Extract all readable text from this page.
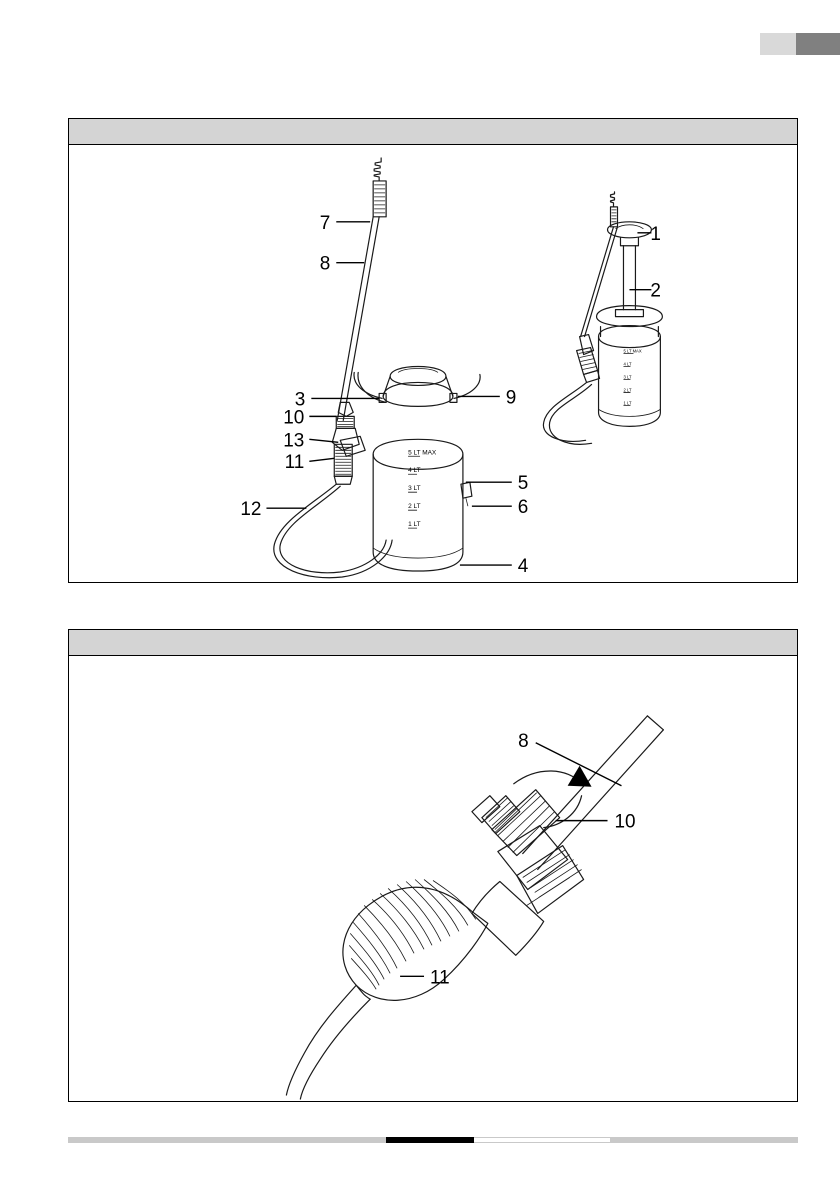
5 LT MAX
4 LT
3 LT
2 LT
1 LT
5 LT MAX
4 LT
3 LT
2 LT
1 LT
1
2
3
4
5
6
7
8
9
10
11
12
13
8
10
11
